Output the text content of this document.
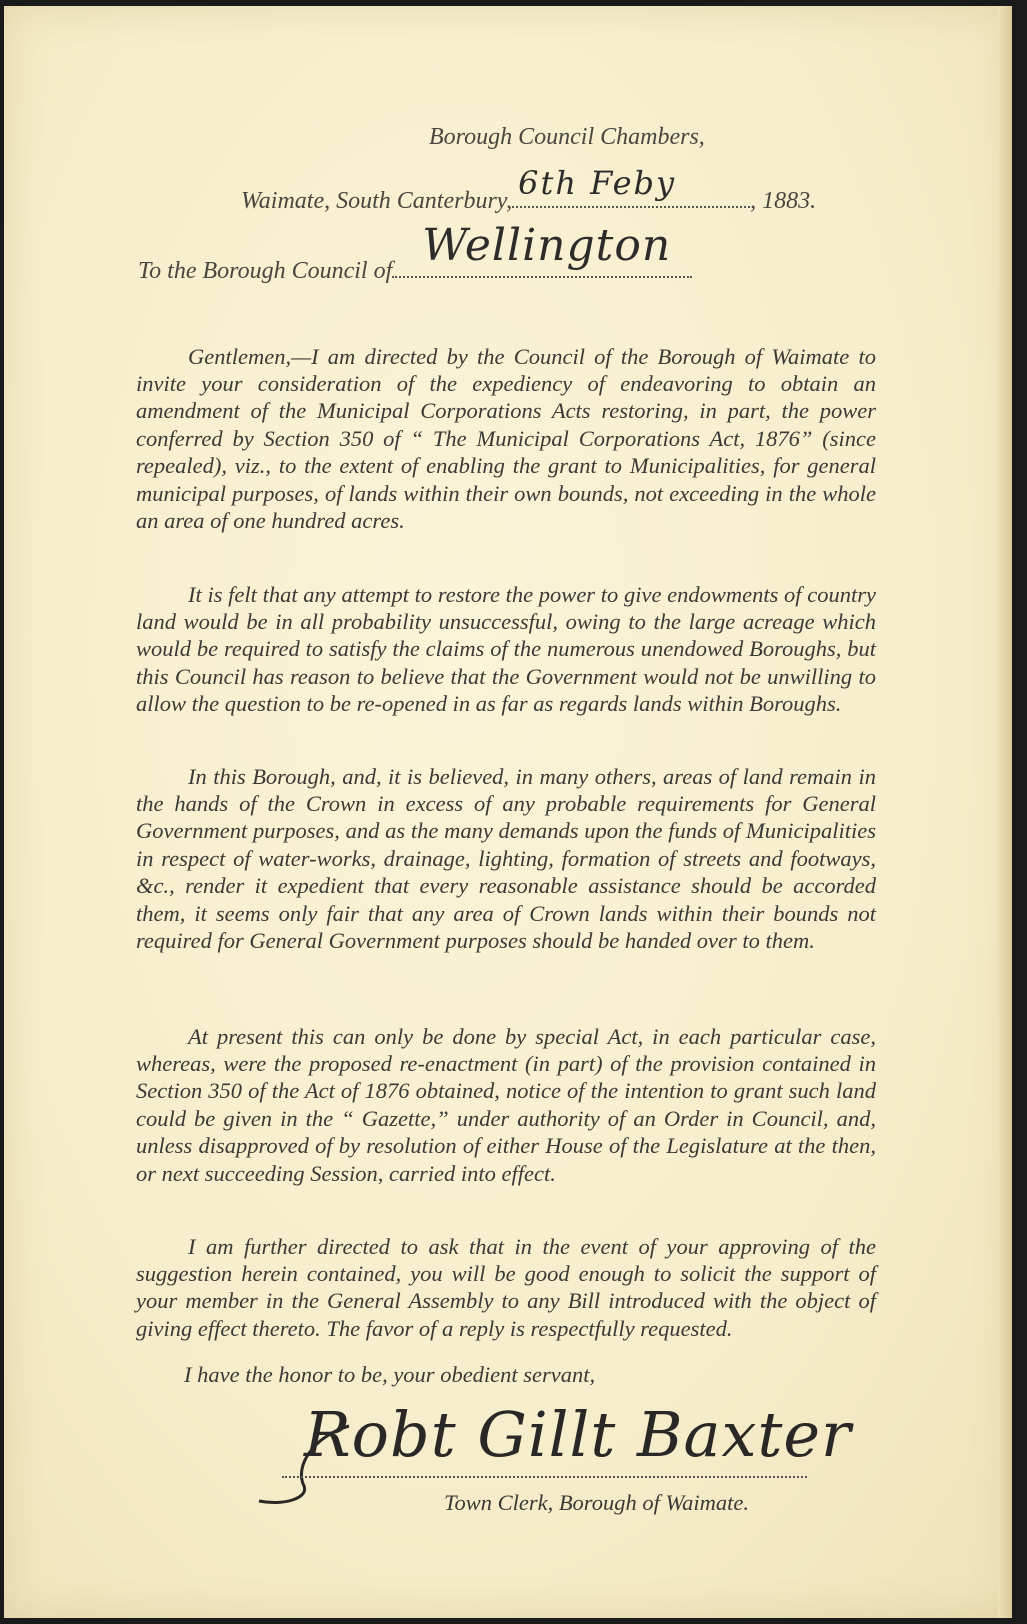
Borough Council Chambers,
Waimate, South Canterbury, 6th Feby	, 1883.
To the Borough Council of Wellington

Gentlemen,—I am directed by the Council of the Borough of Waimate to invite your consideration of the expediency of endeavoring to obtain an amendment of the Municipal Corporations Acts restoring, in part, the power conferred by Section 350 of “ The Municipal Corporations Act, 1876” (since repealed), viz., to the extent of enabling the grant to Municipalities, for general municipal purposes, of lands within their own bounds, not exceeding in the whole an area of one hundred acres.

It is felt that any attempt to restore the power to give endowments of country land would be in all probability unsuccessful, owing to the large acreage which would be required to satisfy the claims of the numerous unendowed Boroughs, but this Council has reason to believe that the Government would not be unwilling to allow the question to be re-opened in as far as regards lands within Boroughs.

In this Borough, and, it is believed, in many others, areas of land remain in the hands of the Crown in excess of any probable requirements for General Government purposes, and as the many demands upon the funds of Municipalities in respect of water-works, drainage, lighting, formation of streets and footways, &c., render it expedient that every reasonable assistance should be accorded them, it seems only fair that any area of Crown lands within their bounds not required for General Government purposes should be handed over to them.

At present this can only be done by special Act, in each particular case, whereas, were the proposed re-enactment (in part) of the provision contained in Section 350 of the Act of 1876 obtained, notice of the intention to grant such land could be given in the “ Gazette,” under authority of an Order in Council, and, unless disapproved of by resolution of either House of the Legislature at the then, or next succeeding Session, carried into effect.

I am further directed to ask that in the event of your approving of the suggestion herein contained, you will be good enough to solicit the support of your member in the General Assembly to any Bill introduced with the object of giving effect thereto. The favor of a reply is respectfully requested.

I have the honor to be, your obedient servant,
Robt Gillt Baxter
Town Clerk, Borough of Waimate.
